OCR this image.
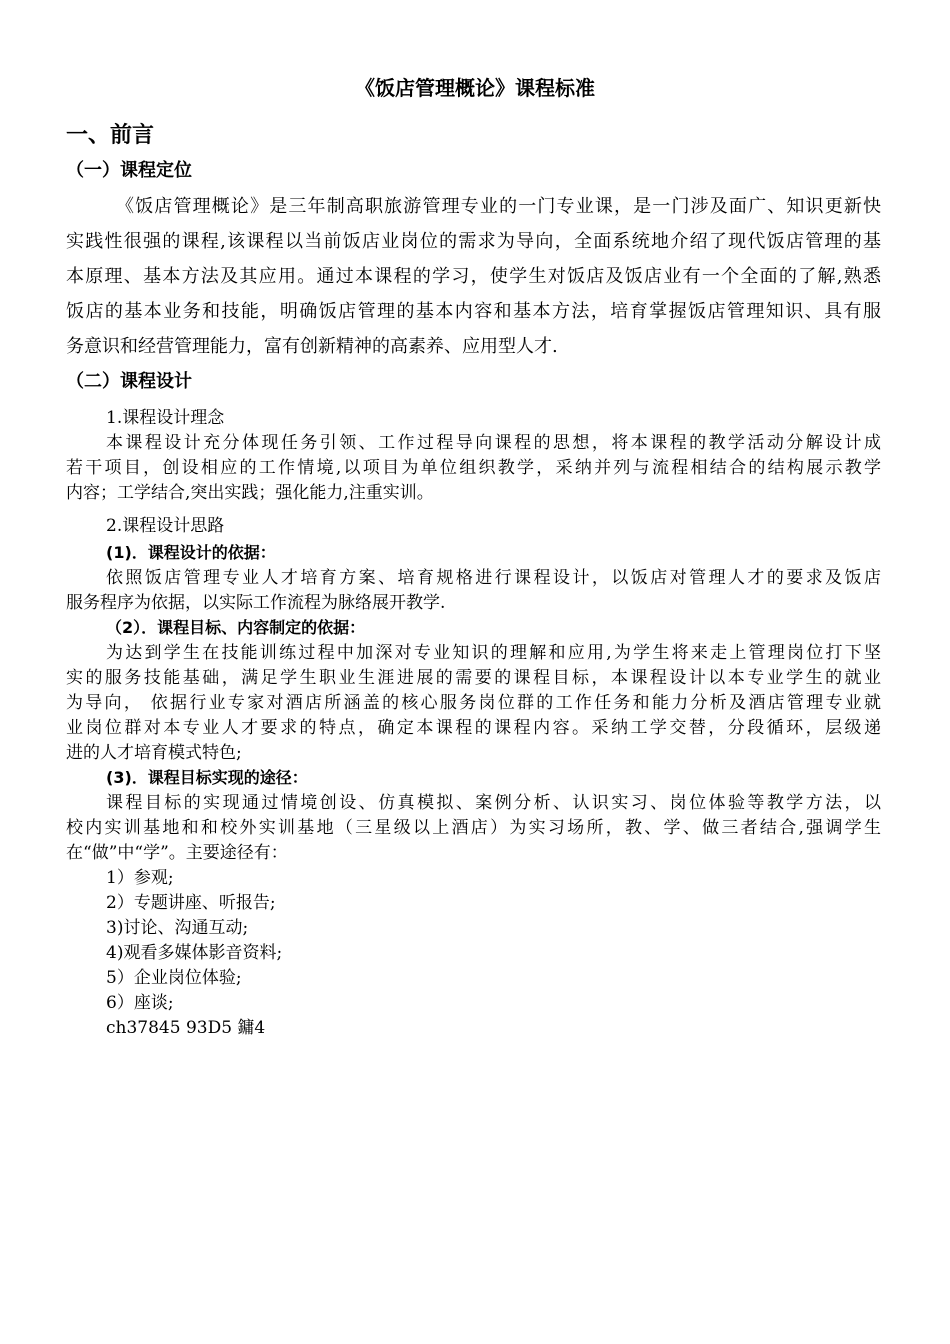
《饭店管理概论》课程标准
一、前言
（一）课程定位
《饭店管理概论》是三年制高职旅游管理专业的一门专业课，是一门涉及面广、知识更新快
实践性很强的课程,该课程以当前饭店业岗位的需求为导向，全面系统地介绍了现代饭店管理的基
本原理、基本方法及其应用。通过本课程的学习，使学生对饭店及饭店业有一个全面的了解,熟悉
饭店的基本业务和技能，明确饭店管理的基本内容和基本方法，培育掌握饭店管理知识、具有服
务意识和经营管理能力，富有创新精神的高素养、应用型人才.
（二）课程设计
1.课程设计理念
本课程设计充分体现任务引领、工作过程导向课程的思想，将本课程的教学活动分解设计成
若干项目，创设相应的工作情境,以项目为单位组织教学，采纳并列与流程相结合的结构展示教学
内容；工学结合,突出实践；强化能力,注重实训。
2.课程设计思路
(1)．课程设计的依据：
依照饭店管理专业人才培育方案、培育规格进行课程设计，以饭店对管理人才的要求及饭店
服务程序为依据，以实际工作流程为脉络展开教学.
（2）．课程目标、内容制定的依据：
为达到学生在技能训练过程中加深对专业知识的理解和应用,为学生将来走上管理岗位打下坚
实的服务技能基础，满足学生职业生涯进展的需要的课程目标，本课程设计以本专业学生的就业
为导向， 依据行业专家对酒店所涵盖的核心服务岗位群的工作任务和能力分析及酒店管理专业就
业岗位群对本专业人才要求的特点，确定本课程的课程内容。采纳工学交替，分段循环，层级递
进的人才培育模式特色;
(3)．课程目标实现的途径：
课程目标的实现通过情境创设、仿真模拟、案例分析、认识实习、岗位体验等教学方法，以
校内实训基地和和校外实训基地（三星级以上酒店）为实习场所，教、学、做三者结合,强调学生
在“做”中“学”。主要途径有：
1）参观;
2）专题讲座、听报告;
3)讨论、沟通互动;
4)观看多媒体影音资料;
5）企业岗位体验;
6）座谈;
ch37845 93D5 鏞4
